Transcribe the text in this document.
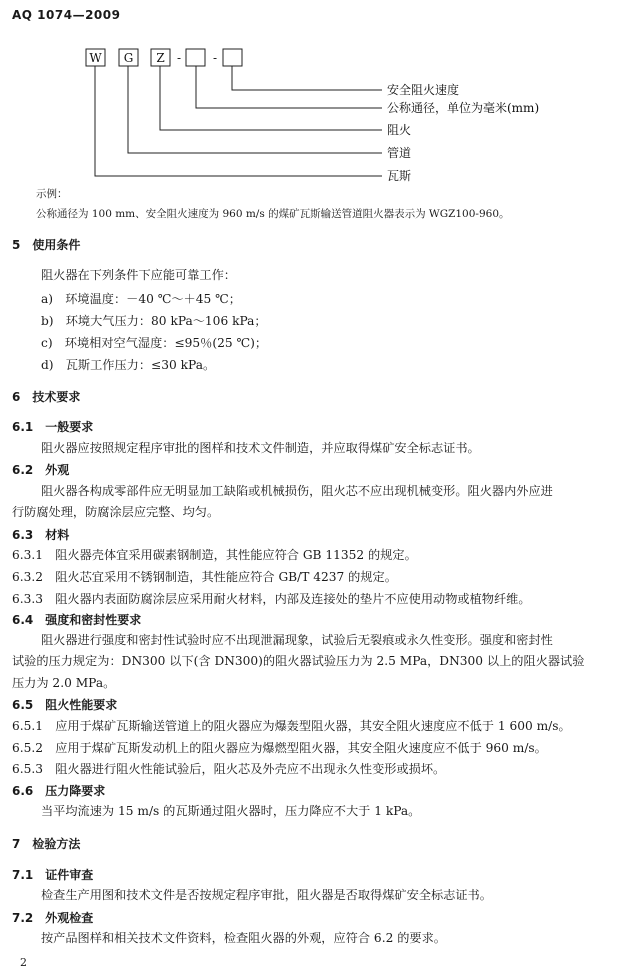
AQ 1074—2009
W G Z -	-
安全阻火速度
公称通径，单位为毫米(mm)
阻火
管道
瓦斯
示例：
公称通径为 100 mm、安全阻火速度为 960 m/s 的煤矿瓦斯输送管道阻火器表示为 WGZ100-960。
5　使用条件
阻火器在下列条件下应能可靠工作：
a)　环境温度：－40 ℃～＋45 ℃；
b)　环境大气压力：80 kPa～106 kPa；
c)　环境相对空气湿度：≤95％(25 ℃)；
d)　瓦斯工作压力：≤30 kPa。
6　技术要求
6.1　一般要求
阻火器应按照规定程序审批的图样和技术文件制造，并应取得煤矿安全标志证书。
6.2　外观
阻火器各构成零部件应无明显加工缺陷或机械损伤，阻火芯不应出现机械变形。阻火器内外应进
行防腐处理，防腐涂层应完整、均匀。
6.3　材料
6.3.1　阻火器壳体宜采用碳素钢制造，其性能应符合 GB 11352 的规定。
6.3.2　阻火芯宜采用不锈钢制造，其性能应符合 GB/T 4237 的规定。
6.3.3　阻火器内表面防腐涂层应采用耐火材料，内部及连接处的垫片不应使用动物或植物纤维。
6.4　强度和密封性要求
阻火器进行强度和密封性试验时应不出现泄漏现象，试验后无裂痕或永久性变形。强度和密封性
试验的压力规定为：DN300 以下(含 DN300)的阻火器试验压力为 2.5 MPa，DN300 以上的阻火器试验
压力为 2.0 MPa。
6.5　阻火性能要求
6.5.1　应用于煤矿瓦斯输送管道上的阻火器应为爆轰型阻火器，其安全阻火速度应不低于 1 600 m/s。
6.5.2　应用于煤矿瓦斯发动机上的阻火器应为爆燃型阻火器，其安全阻火速度应不低于 960 m/s。
6.5.3　阻火器进行阻火性能试验后，阻火芯及外壳应不出现永久性变形或损坏。
6.6　压力降要求
当平均流速为 15 m/s 的瓦斯通过阻火器时，压力降应不大于 1 kPa。
7　检验方法
7.1　证件审查
检查生产用图和技术文件是否按规定程序审批，阻火器是否取得煤矿安全标志证书。
7.2　外观检查
按产品图样和相关技术文件资料，检查阻火器的外观，应符合 6.2 的要求。
2
